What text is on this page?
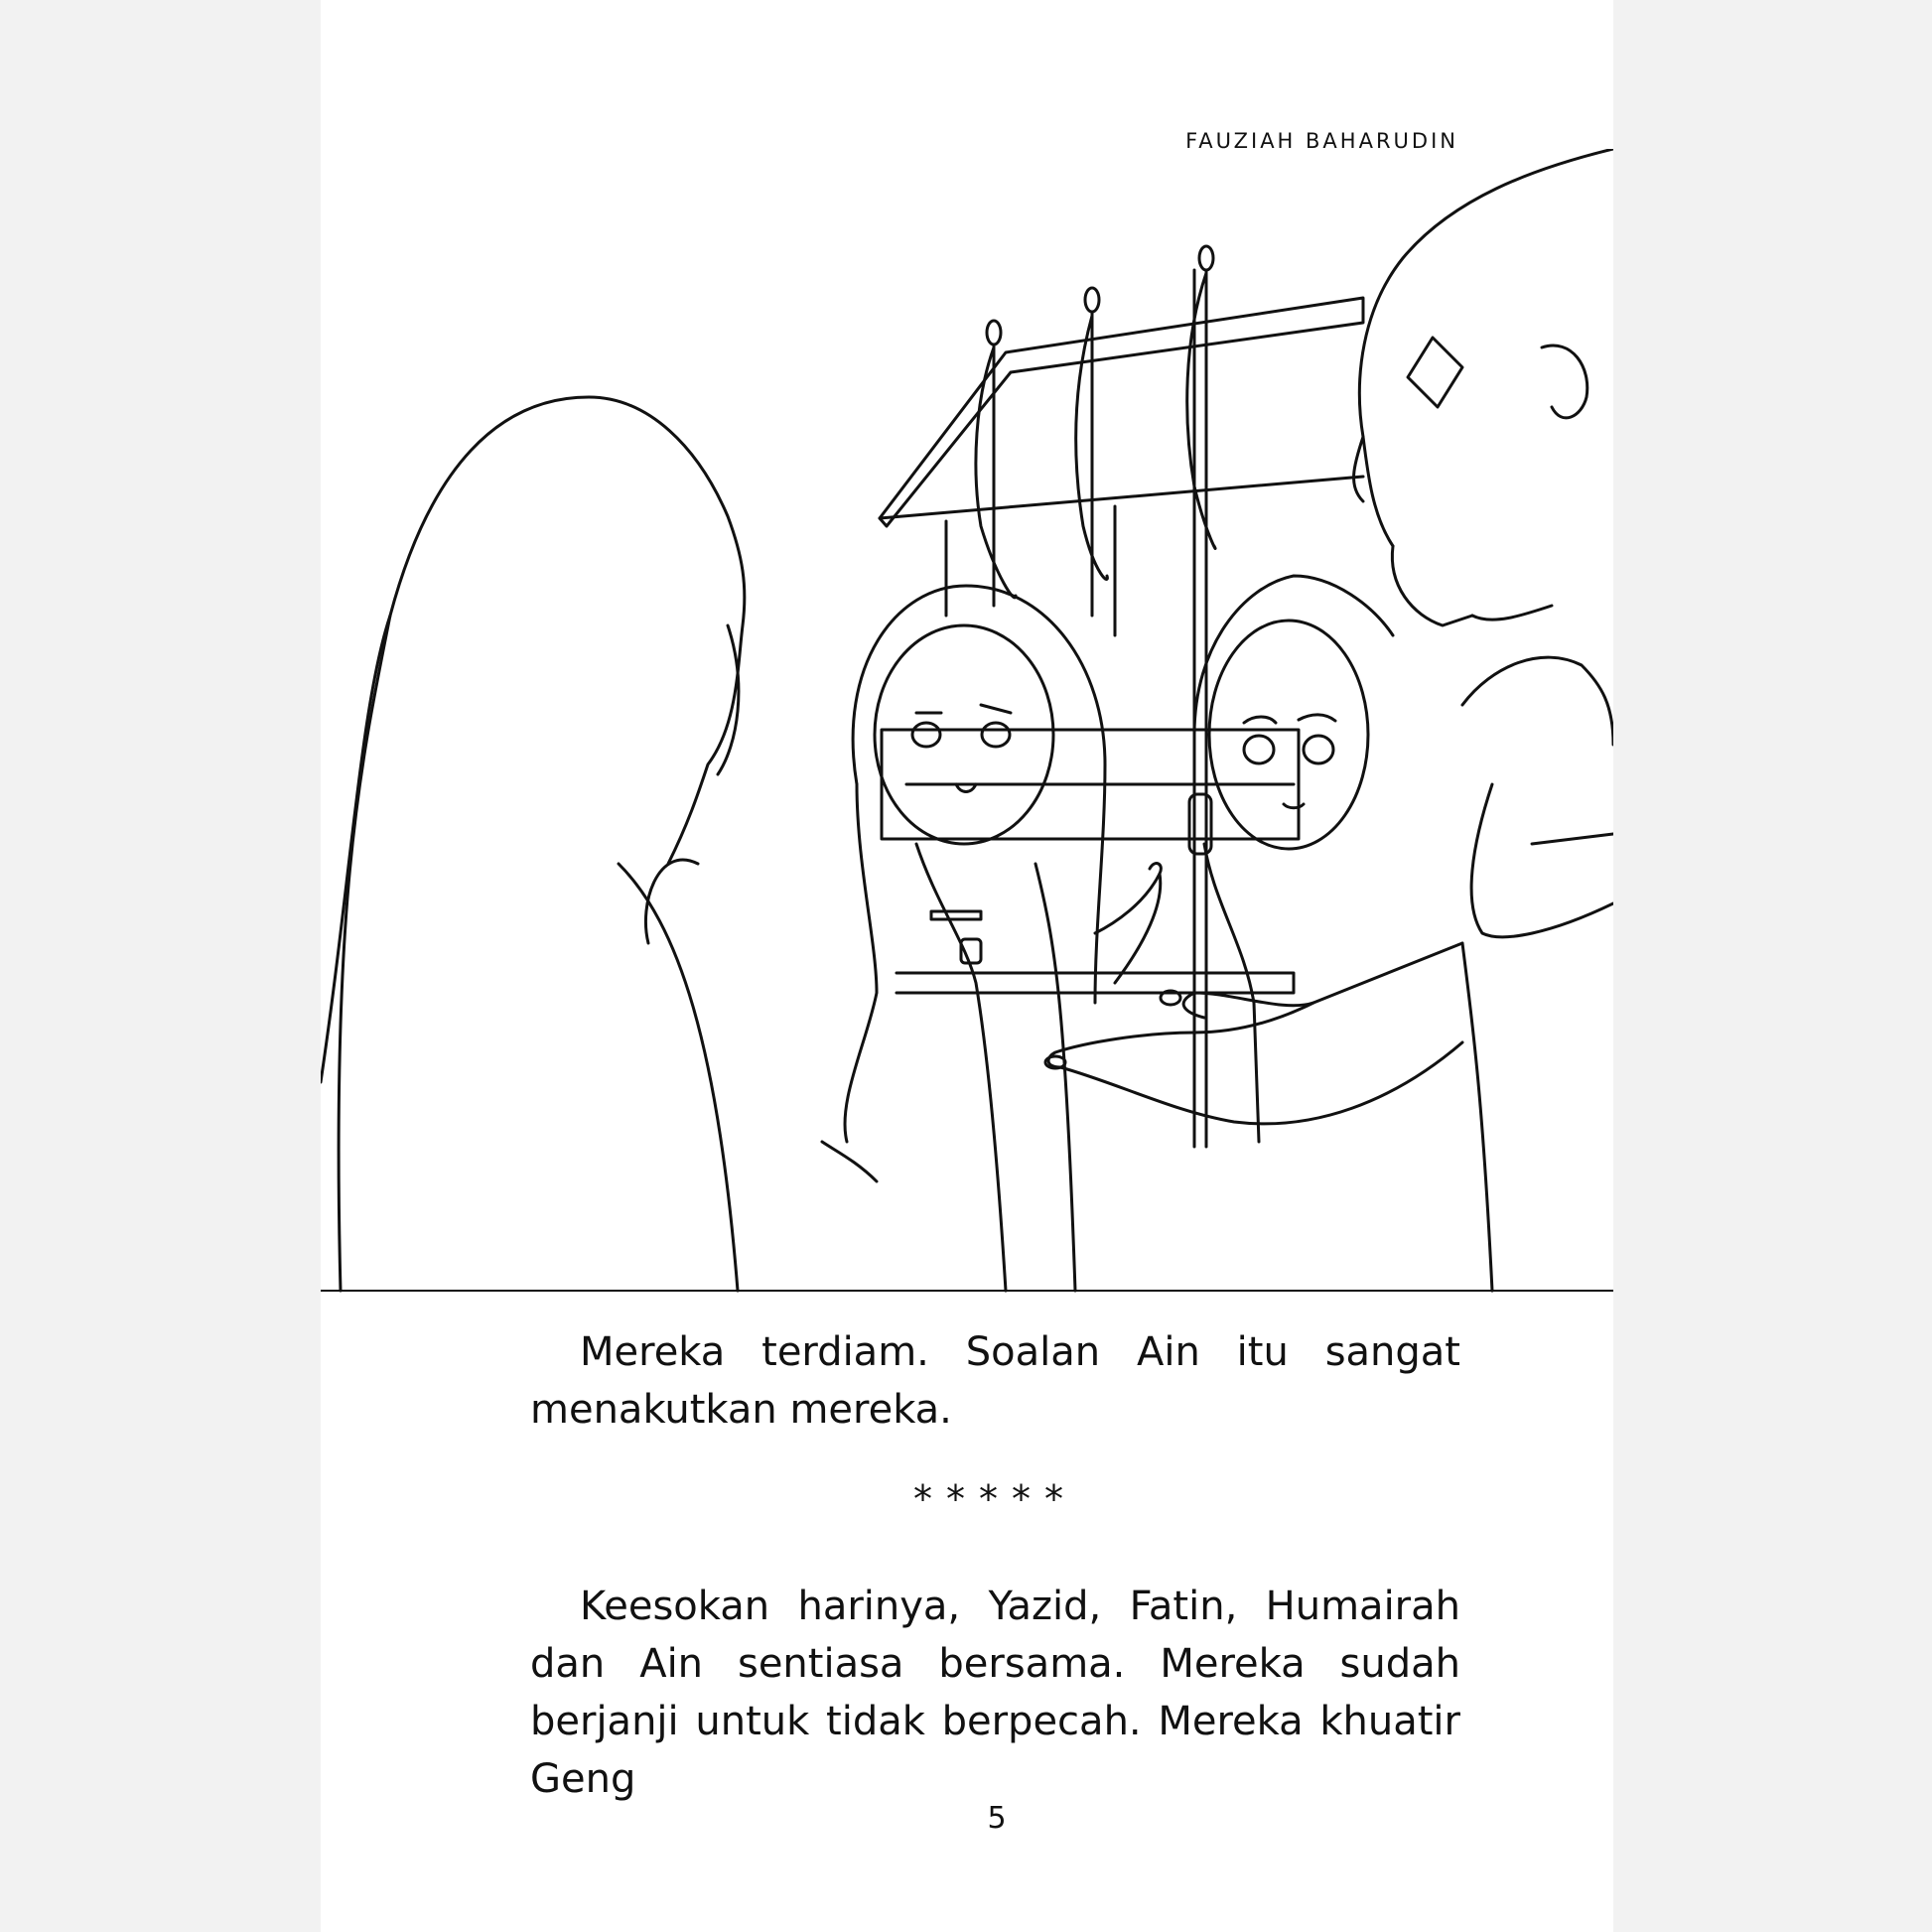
FAUZIAH BAHARUDIN
Mereka terdiam. Soalan Ain itu sangat menakutkan mereka.
*****
Keesokan harinya, Yazid, Fatin, Humairah dan Ain sentiasa bersama. Mereka sudah berjanji untuk tidak berpecah. Mereka khuatir Geng
5
